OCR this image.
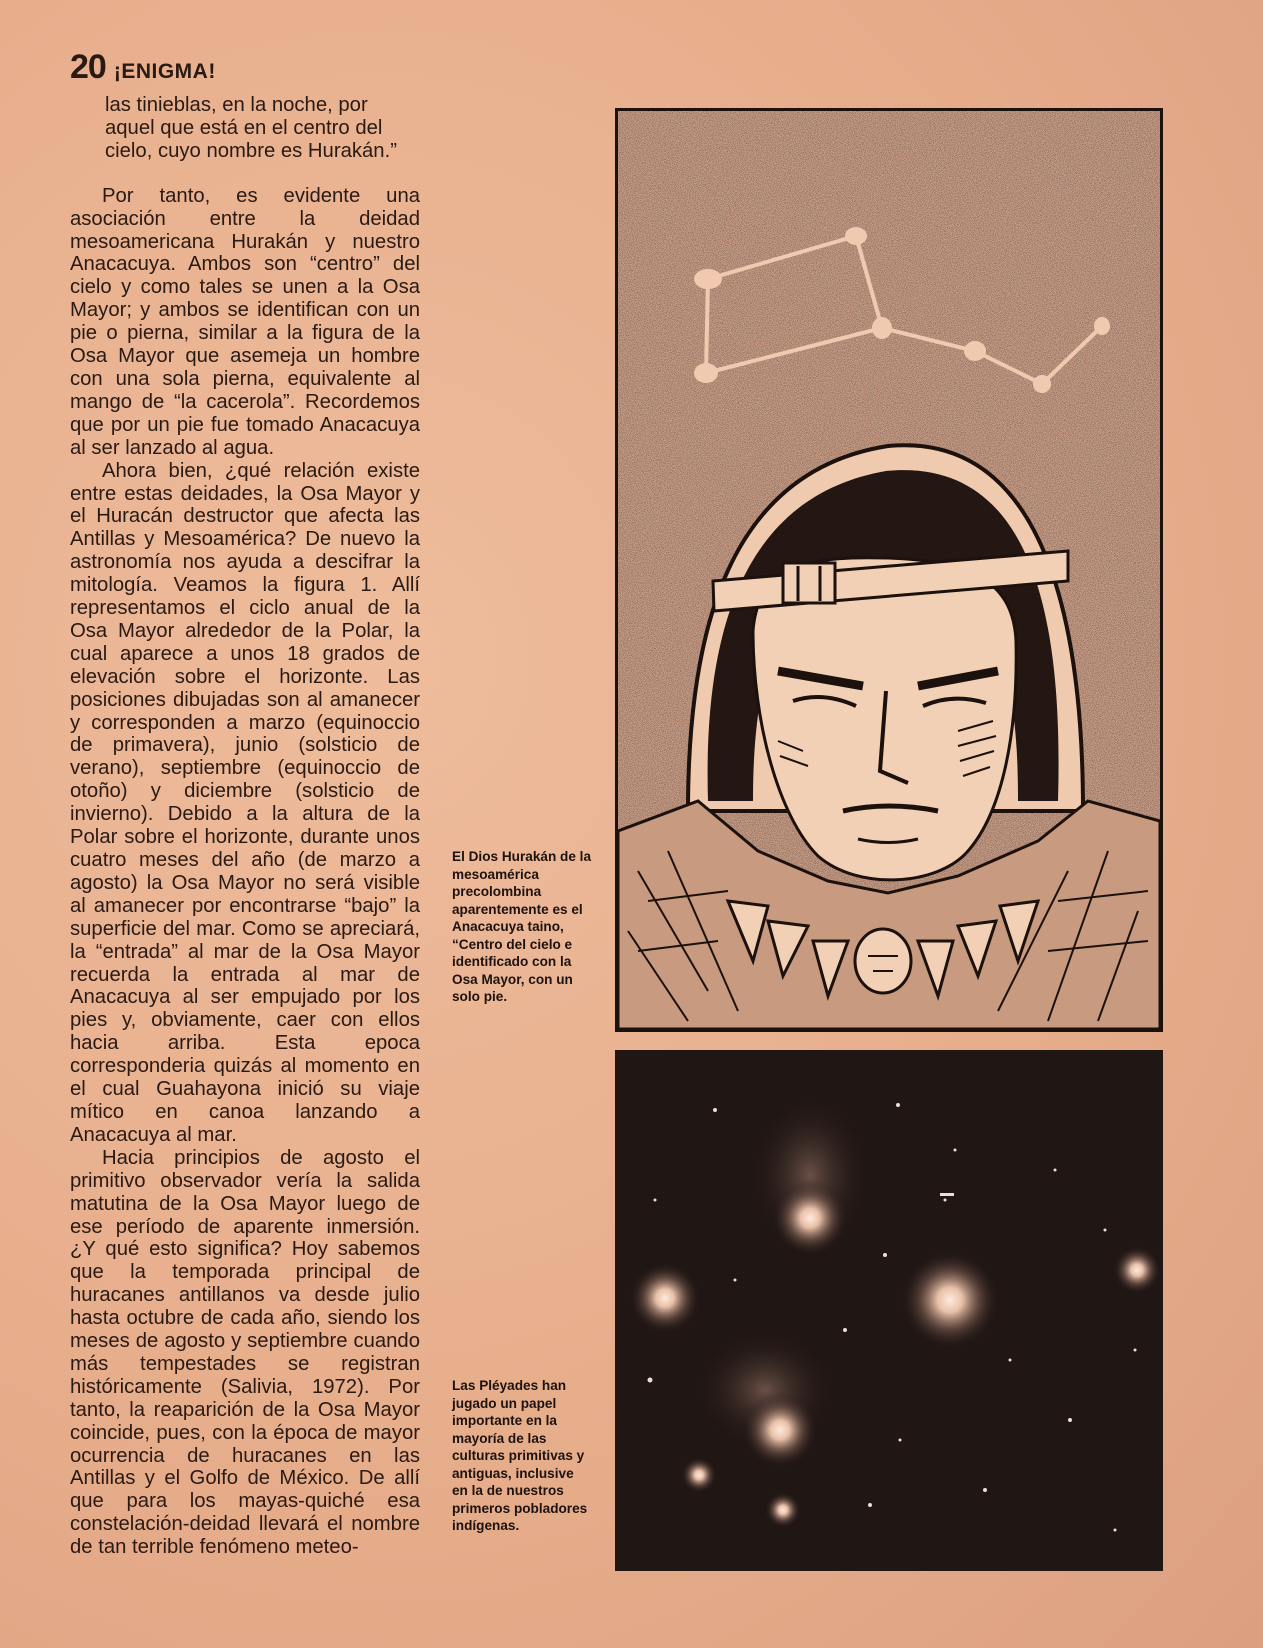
20 ¡ENIGMA!

las tinieblas, en la noche, por aquel que está en el centro del cielo, cuyo nombre es Hurakán.”

Por tanto, es evidente una asociación entre la deidad mesoamericana Hurakán y nuestro Anacacuya. Ambos son “centro” del cielo y como tales se unen a la Osa Mayor; y ambos se identifican con un pie o pierna, similar a la figura de la Osa Mayor que asemeja un hombre con una sola pierna, equivalente al mango de “la cacerola”. Recordemos que por un pie fue tomado Anacacuya al ser lanzado al agua.

Ahora bien, ¿qué relación existe entre estas deidades, la Osa Mayor y el Huracán destructor que afecta las Antillas y Mesoamérica? De nuevo la astronomía nos ayuda a descifrar la mitología. Veamos la figura 1. Allí representamos el ciclo anual de la Osa Mayor alrededor de la Polar, la cual aparece a unos 18 grados de elevación sobre el horizonte. Las posiciones dibujadas son al amanecer y corresponden a marzo (equinoccio de primavera), junio (solsticio de verano), septiembre (equinoccio de otoño) y diciembre (solsticio de invierno). Debido a la altura de la Polar sobre el horizonte, durante unos cuatro meses del año (de marzo a agosto) la Osa Mayor no será visible al amanecer por encontrarse “bajo” la superficie del mar. Como se apreciará, la “entrada” al mar de la Osa Mayor recuerda la entrada al mar de Anacacuya al ser empujado por los pies y, obviamente, caer con ellos hacia arriba. Esta epoca corresponderia quizás al momento en el cual Guahayona inició su viaje mítico en canoa lanzando a Anacacuya al mar.

Hacia principios de agosto el primitivo observador vería la salida matutina de la Osa Mayor luego de ese período de aparente inmersión. ¿Y qué esto significa? Hoy sabemos que la temporada principal de huracanes antillanos va desde julio hasta octubre de cada año, siendo los meses de agosto y septiembre cuando más tempestades se registran históricamente (Salivia, 1972). Por tanto, la reaparición de la Osa Mayor coincide, pues, con la época de mayor ocurrencia de huracanes en las Antillas y el Golfo de México. De allí que para los mayas-quiché esa constelación-deidad llevará el nombre de tan terrible fenómeno meteo-

El Dios Hurakán de la mesoamérica precolombina aparentemente es el Anacacuya taino, “Centro del cielo e identificado con la Osa Mayor, con un solo pie.
Las Pléyades han jugado un papel importante en la mayoría de las culturas primitivas y antiguas, inclusive en la de nuestros primeros pobladores indígenas.
